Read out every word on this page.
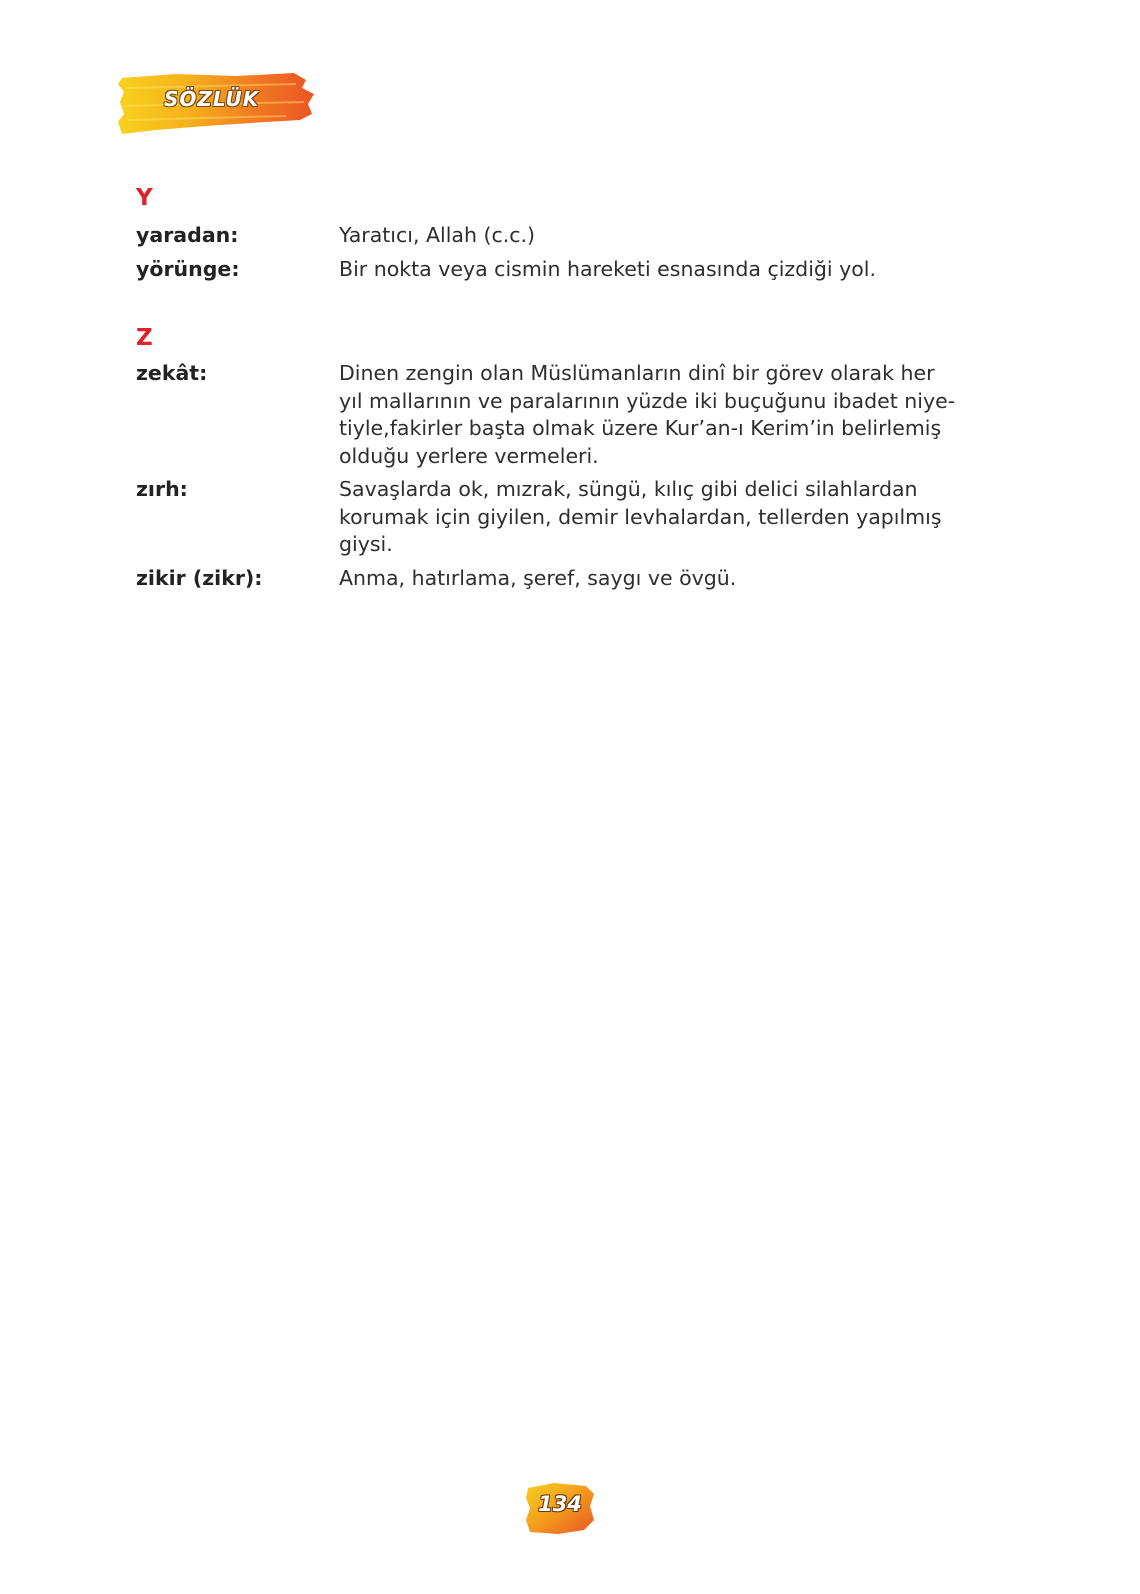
SÖZLÜK
Y
yaradan:	Yaratıcı, Allah (c.c.)
yörünge:	Bir nokta veya cismin hareketi esnasında çizdiği yol.
Z
zekât:	Dinen zengin olan Müslümanların dinî bir görev olarak her
yıl mallarının ve paralarının yüzde iki buçuğunu ibadet niye-
tiyle,fakirler başta olmak üzere Kur’an-ı Kerim’in belirlemiş
olduğu yerlere vermeleri.
zırh:	Savaşlarda ok, mızrak, süngü, kılıç gibi delici silahlardan
korumak için giyilen, demir levhalardan, tellerden yapılmış
giysi.
zikir (zikr):	Anma, hatırlama, şeref, saygı ve övgü.
134
